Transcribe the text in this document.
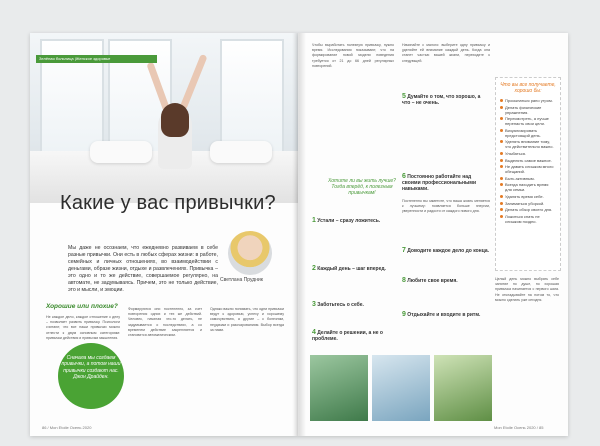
Зелёная больница |Женское здоровье
Какие у вас привычки?
Мы даже не осознаем, что ежедневно развиваем в себе разные привычки. Они есть в любых сферах жизни: в работе, семейных и личных отношениях, во взаимодействии с деньгами, образе жизни, отдыхе и развлечениях. Привычка – это одно и то же действие, совершаемое регулярно, на автомате, не задумываясь. Причем, это не только действие, это и мысли, и эмоции.
Светлана Прудник
Хорошие или плохие?
Не каждое дело, каждое отношение к делу – позволяет развить привычку. Психологи считают, что все наши привычки можно отнести к двум основным категориям: привычки действия и привычки мышления.
Формируются они постепенно, за счет повторения одних и тех же действий. Человек, начиная что-то делать, не задумывается о последствиях, а со временем действие закрепляется и становится автоматическим.
Однако важно понимать, что одни привычки ведут к здоровью, успеху и хорошему самочувствию, а другие – к болезням, неудачам и разочарованиям. Выбор всегда за нами.
Сначала мы создаем привычки, а потом наши привычки создают нас. Джон Драйден.
86 / Mon Etoile Осень 2020
Чтобы выработать полезную привычку, нужно время. Исследования показывают, что на формирование новой модели поведения требуется от 21 до 66 дней регулярных повторений.
Хотите ли вы жить лучше? Тогда вперёд, к полезным привычкам!
1 Устали – сразу ложитесь.
2 Каждый день – шаг вперед.
3 Заботьтесь о себе.
4 Делайте о решении, а не о проблеме.
Начинайте с малого: выберите одну привычку и уделяйте ей внимание каждый день. Когда она станет частью вашей жизни, переходите к следующей.
5 Думайте о том, что хорошо, а что – не очень.
6 Постоянно работайте над своими профессиональными навыками.
7 Доводите каждое дело до конца.
8 Любите свое время.
9 Отдыхайте и входите в ритм.
Постепенно вы заметите, что ваша жизнь меняется к лучшему: появляется больше энергии, уверенности и радости от каждого нового дня.
Что вы все получаете, хорошо бы:
Просыпаться рано утром.
Делать физические упражнения.
Пересмотреть, а лучше перепасть свои цели.
Визуализировать предстоящий день.
Уделять внимание тому, что действительно важно.
Улыбаться.
Выделять самое важное.
Не давать слишком много обещаний.
Быть активным.
Всегда находить время для семьи.
Удалять время себе.
Заниматься уборкой.
Делать обзор своего дня.
Ложиться спать не слишком поздно.
Целый день можно выбрать себе занятие по душе, но хорошая привычка начинается с первого шага. Не откладывайте на потом то, что можно сделать уже сегодня.
Mon Etoile Осень 2020 / 85
